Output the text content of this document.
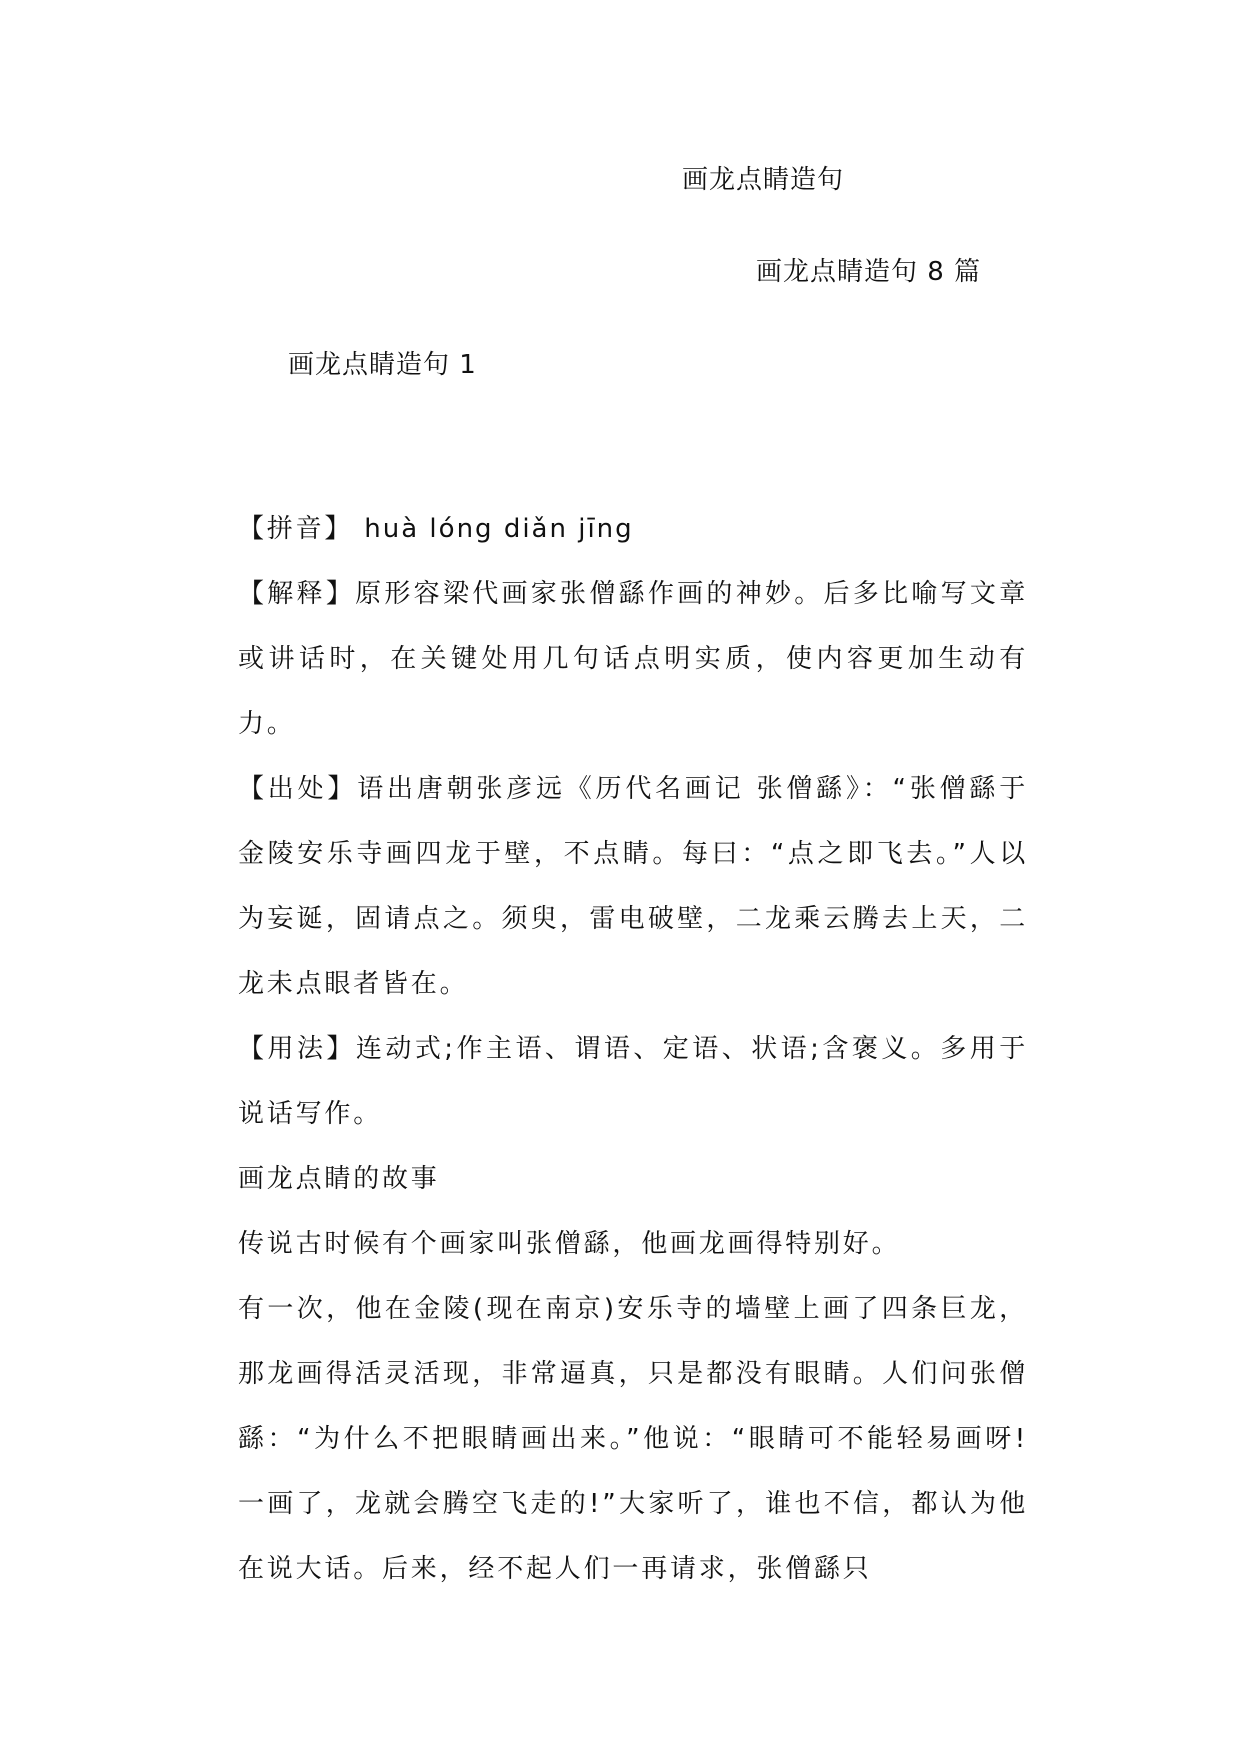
画龙点睛造句
画龙点睛造句 8 篇
画龙点睛造句 1

【拼音】 huà lóng diǎn jīng

【解释】原形容梁代画家张僧繇作画的神妙。后多比喻写文章或讲话时，在关键处用几句话点明实质，使内容更加生动有力。

【出处】语出唐朝张彦远《历代名画记 张僧繇》：“张僧繇于金陵安乐寺画四龙于壁，不点睛。每曰：“点之即飞去。”人以为妄诞，固请点之。须臾，雷电破壁，二龙乘云腾去上天，二龙未点眼者皆在。

【用法】连动式;作主语、谓语、定语、状语;含褒义。多用于说话写作。

画龙点睛的故事

传说古时候有个画家叫张僧繇，他画龙画得特别好。

有一次，他在金陵(现在南京)安乐寺的墙壁上画了四条巨龙，那龙画得活灵活现，非常逼真，只是都没有眼睛。人们问张僧繇：“为什么不把眼睛画出来。”他说：“眼睛可不能轻易画呀!一画了，龙就会腾空飞走的!”大家听了，谁也不信，都认为他在说大话。后来，经不起人们一再请求，张僧繇只
